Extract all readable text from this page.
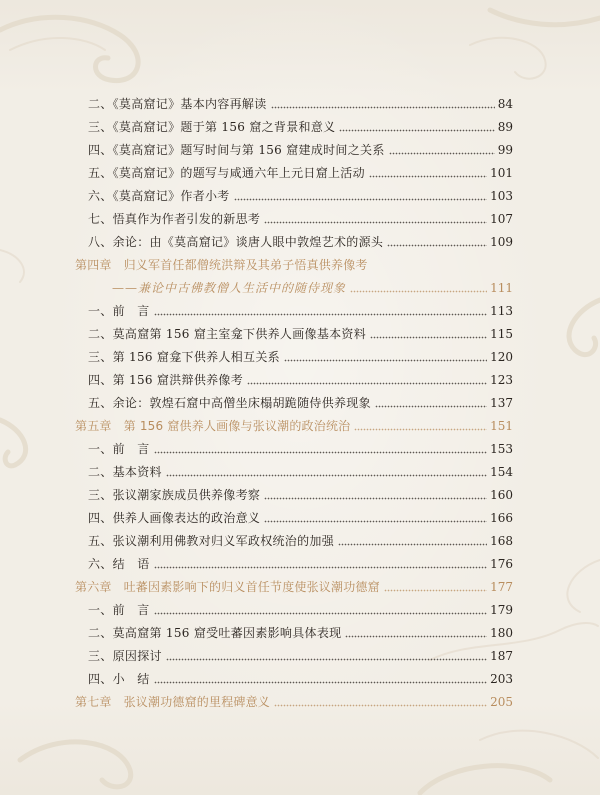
二、《莫高窟记》基本内容再解读	84
三、《莫高窟记》题于第 156 窟之背景和意义	89
四、《莫高窟记》题写时间与第 156 窟建成时间之关系	99
五、《莫高窟记》的题写与咸通六年上元日窟上活动	101
六、《莫高窟记》作者小考	103
七、悟真作为作者引发的新思考	107
八、余论：由《莫高窟记》谈唐人眼中敦煌艺术的源头	109
第四章 归义军首任都僧统洪辩及其弟子悟真供养像考
——兼论中古佛教僧人生活中的随侍现象	111
一、前　言	113
二、莫高窟第 156 窟主室龛下供养人画像基本资料	115
三、第 156 窟龛下供养人相互关系	120
四、第 156 窟洪辩供养像考	123
五、余论：敦煌石窟中高僧坐床榻胡跪随侍供养现象	137
第五章 第 156 窟供养人画像与张议潮的政治统治	151
一、前　言	153
二、基本资料	154
三、张议潮家族成员供养像考察	160
四、供养人画像表达的政治意义	166
五、张议潮利用佛教对归义军政权统治的加强	168
六、结　语	176
第六章 吐蕃因素影响下的归义首任节度使张议潮功德窟	177
一、前　言	179
二、莫高窟第 156 窟受吐蕃因素影响具体表现	180
三、原因探讨	187
四、小　结	203
第七章 张议潮功德窟的里程碑意义	205
